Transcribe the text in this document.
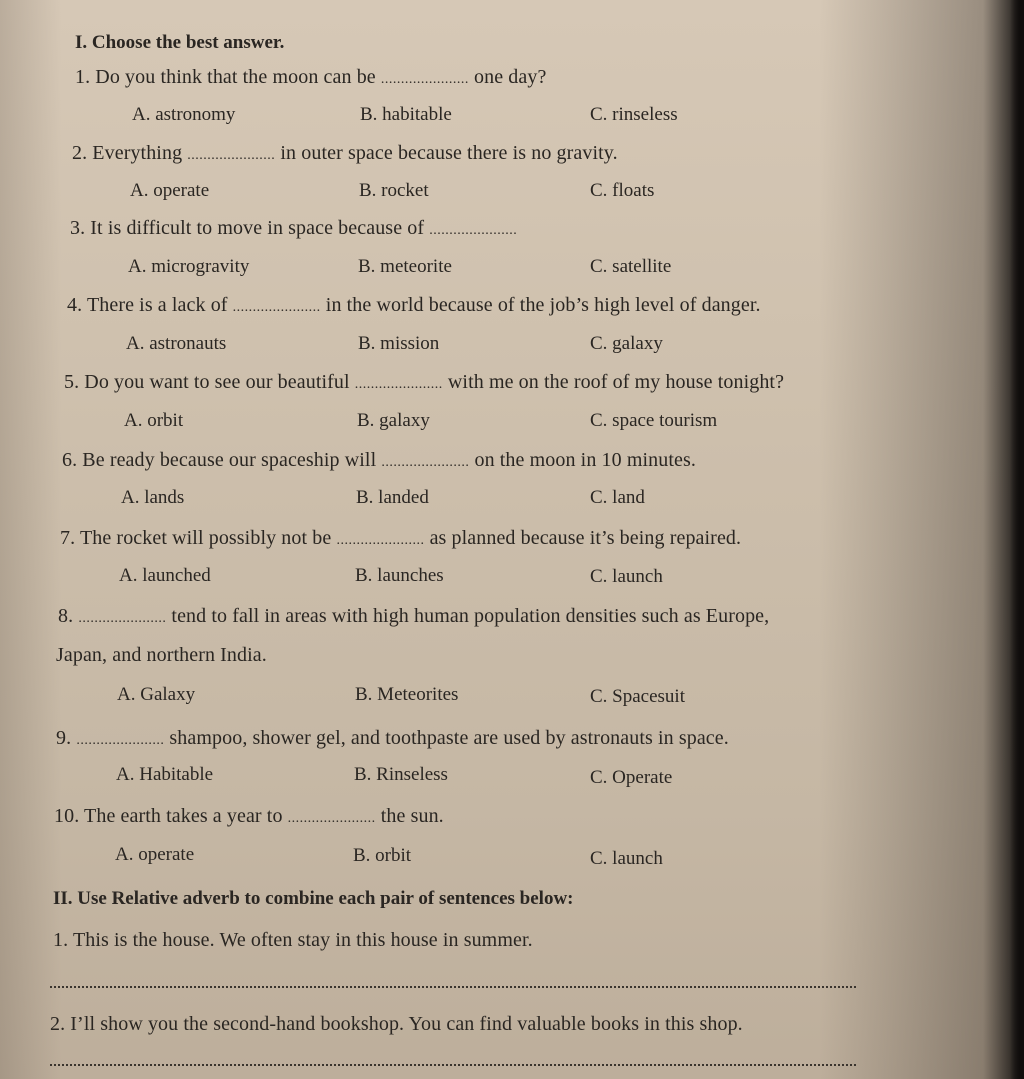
I. Choose the best answer.
1. Do you think that the moon can be ...................... one day?
A. astronomy	B. habitable	C. rinseless
2. Everything ...................... in outer space because there is no gravity.
A. operate	B. rocket	C. floats
3. It is difficult to move in space because of ......................
A. microgravity	B. meteorite	C. satellite
4. There is a lack of ...................... in the world because of the job’s high level of danger.
A. astronauts	B. mission	C. galaxy
5. Do you want to see our beautiful ...................... with me on the roof of my house tonight?
A. orbit	B. galaxy	C. space tourism
6. Be ready because our spaceship will ...................... on the moon in 10 minutes.
A. lands	B. landed	C. land
7. The rocket will possibly not be ...................... as planned because it’s being repaired.
A. launched	B. launches	C. launch
8. ...................... tend to fall in areas with high human population densities such as Europe,
Japan, and northern India.
A. Galaxy	B. Meteorites	C. Spacesuit
9. ...................... shampoo, shower gel, and toothpaste are used by astronauts in space.
A. Habitable	B. Rinseless	C. Operate
10. The earth takes a year to ...................... the sun.
A. operate	B. orbit	C. launch
II. Use Relative adverb to combine each pair of sentences below:
1. This is the house. We often stay in this house in summer.
2. I’ll show you the second-hand bookshop. You can find valuable books in this shop.
